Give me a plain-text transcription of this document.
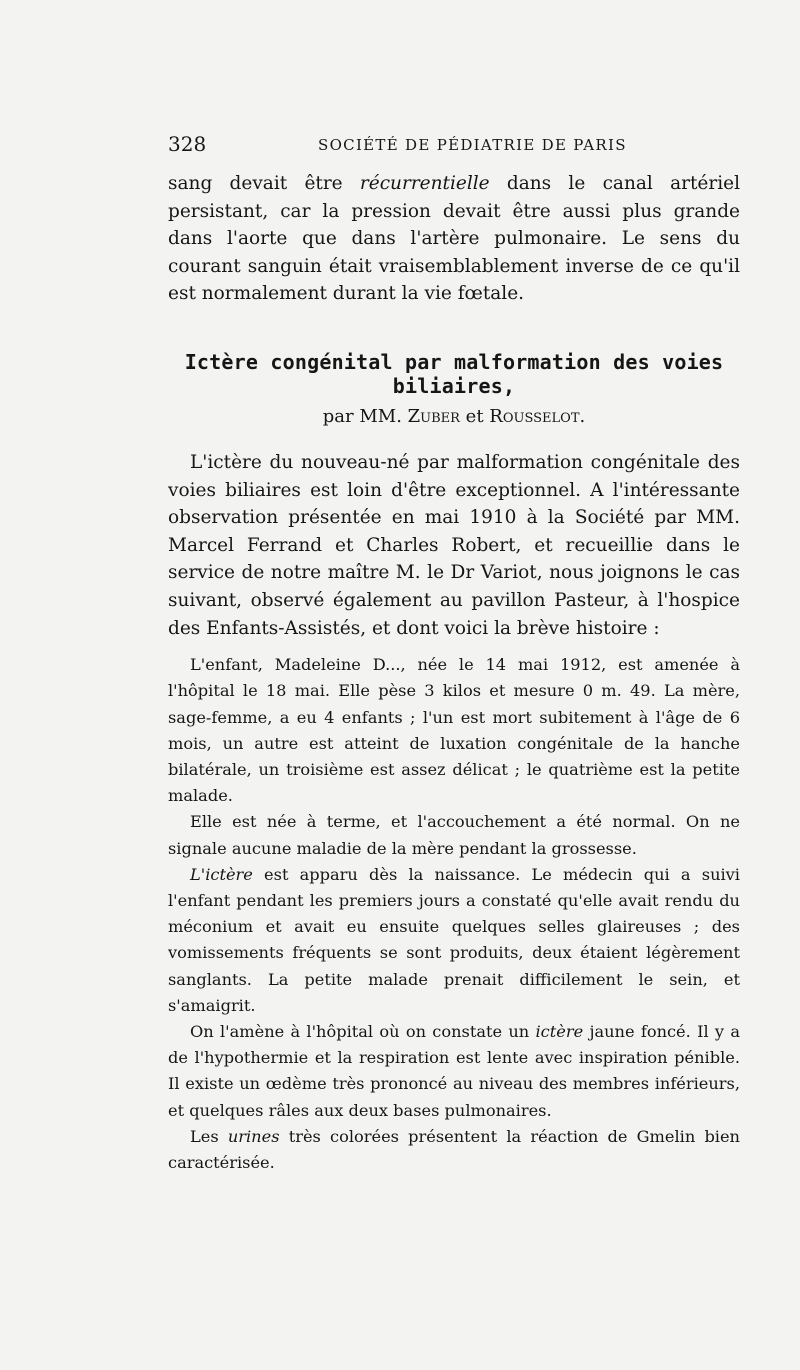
328	SOCIÉTÉ DE PÉDIATRIE DE PARIS

sang devait être récurrentielle dans le canal artériel persistant, car la pression devait être aussi plus grande dans l'aorte que dans l'artère pulmonaire. Le sens du courant sanguin était vraisemblablement inverse de ce qu'il est normalement durant la vie fœtale.

Ictère congénital par malformation des voies biliaires,

par MM. Zuber et Rousselot.

L'ictère du nouveau-né par malformation congénitale des voies biliaires est loin d'être exceptionnel. A l'intéressante observation présentée en mai 1910 à la Société par MM. Marcel Ferrand et Charles Robert, et recueillie dans le service de notre maître M. le Dr Variot, nous joignons le cas suivant, observé également au pavillon Pasteur, à l'hospice des Enfants-Assistés, et dont voici la brève histoire :

L'enfant, Madeleine D..., née le 14 mai 1912, est amenée à l'hôpital le 18 mai. Elle pèse 3 kilos et mesure 0 m. 49. La mère, sage-femme, a eu 4 enfants ; l'un est mort subitement à l'âge de 6 mois, un autre est atteint de luxation congénitale de la hanche bilatérale, un troisième est assez délicat ; le quatrième est la petite malade.

Elle est née à terme, et l'accouchement a été normal. On ne signale aucune maladie de la mère pendant la grossesse.

L'ictère est apparu dès la naissance. Le médecin qui a suivi l'enfant pendant les premiers jours a constaté qu'elle avait rendu du méconium et avait eu ensuite quelques selles glaireuses ; des vomissements fréquents se sont produits, deux étaient légèrement sanglants. La petite malade prenait difficilement le sein, et s'amaigrit.

On l'amène à l'hôpital où on constate un ictère jaune foncé. Il y a de l'hypothermie et la respiration est lente avec inspiration pénible. Il existe un œdème très prononcé au niveau des membres inférieurs, et quelques râles aux deux bases pulmonaires.

Les urines très colorées présentent la réaction de Gmelin bien caractérisée.
